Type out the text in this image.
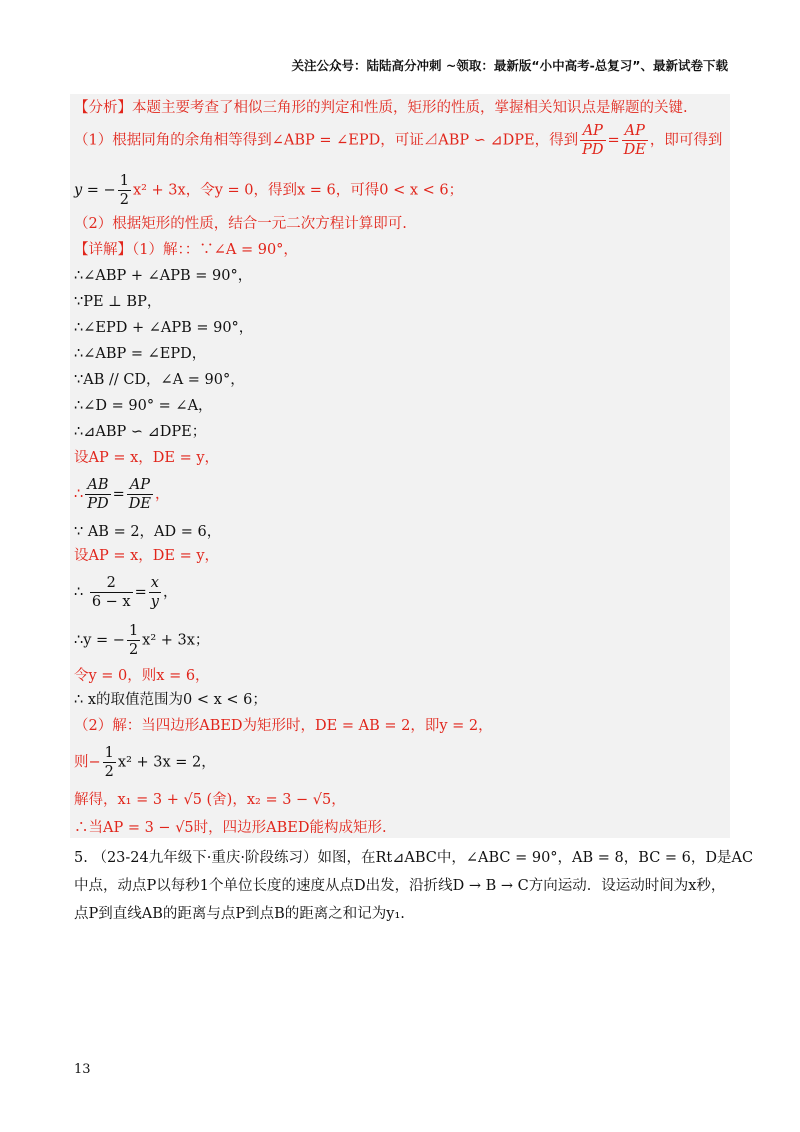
关注公众号：陆陆高分冲刺 ~领取：最新版“小中高考-总复习”、最新试卷下载
【分析】本题主要考查了相似三角形的判定和性质，矩形的性质，掌握相关知识点是解题的关键.
（1）根据同角的余角相等得到∠ABP = ∠EPD，可证⊿ABP ∽ ⊿DPE，得到 $\frac{AP}{PD} = \frac{AP}{DE}$ ，即可得到
y = − $\frac{1}{2} x^2 + 3x$，令y = 0，得到x = 6，可得0 < x < 6；
（2）根据矩形的性质，结合一元二次方程计算即可.
【详解】（1）解：：∵∠A = 90°，
∴∠ABP + ∠APB = 90°，
∵PE ⊥ BP，
∴∠EPD + ∠APB = 90°，
∴∠ABP = ∠EPD，
∵AB // CD，∠A = 90°，
∴∠D = 90° = ∠A，
∴⊿ABP ∽ ⊿DPE；
设AP = x，DE = y，
∴ $\frac{AB}{PD} = \frac{AP}{DE}$ ，
∵ AB = 2，AD = 6，
设AP = x，DE = y，
∴ $\frac{2}{6 - x} = \frac{x}{y}$ ，
∴y = − $\frac{1}{2} x^2 + 3x$；
令y = 0，则x = 6，
∴ x的取值范围为0 < x < 6；
（2）解：当四边形ABED为矩形时，DE = AB = 2，即y = 2，
则− $\frac{1}{2} x^2 + 3x = 2$，
解得，x₁ = 3 + √5 (舍)，x₂ = 3 − √5，
∴当AP = 3 − √5时，四边形ABED能构成矩形.
5. （23-24九年级下·重庆·阶段练习）如图，在Rt⊿ABC中，∠ABC = 90°，AB = 8，BC = 6，D是AC
中点，动点P以每秒1个单位长度的速度从点D出发，沿折线D → B → C方向运动．设运动时间为x秒，
点P到直线AB的距离与点P到点B的距离之和记为y₁.
13
